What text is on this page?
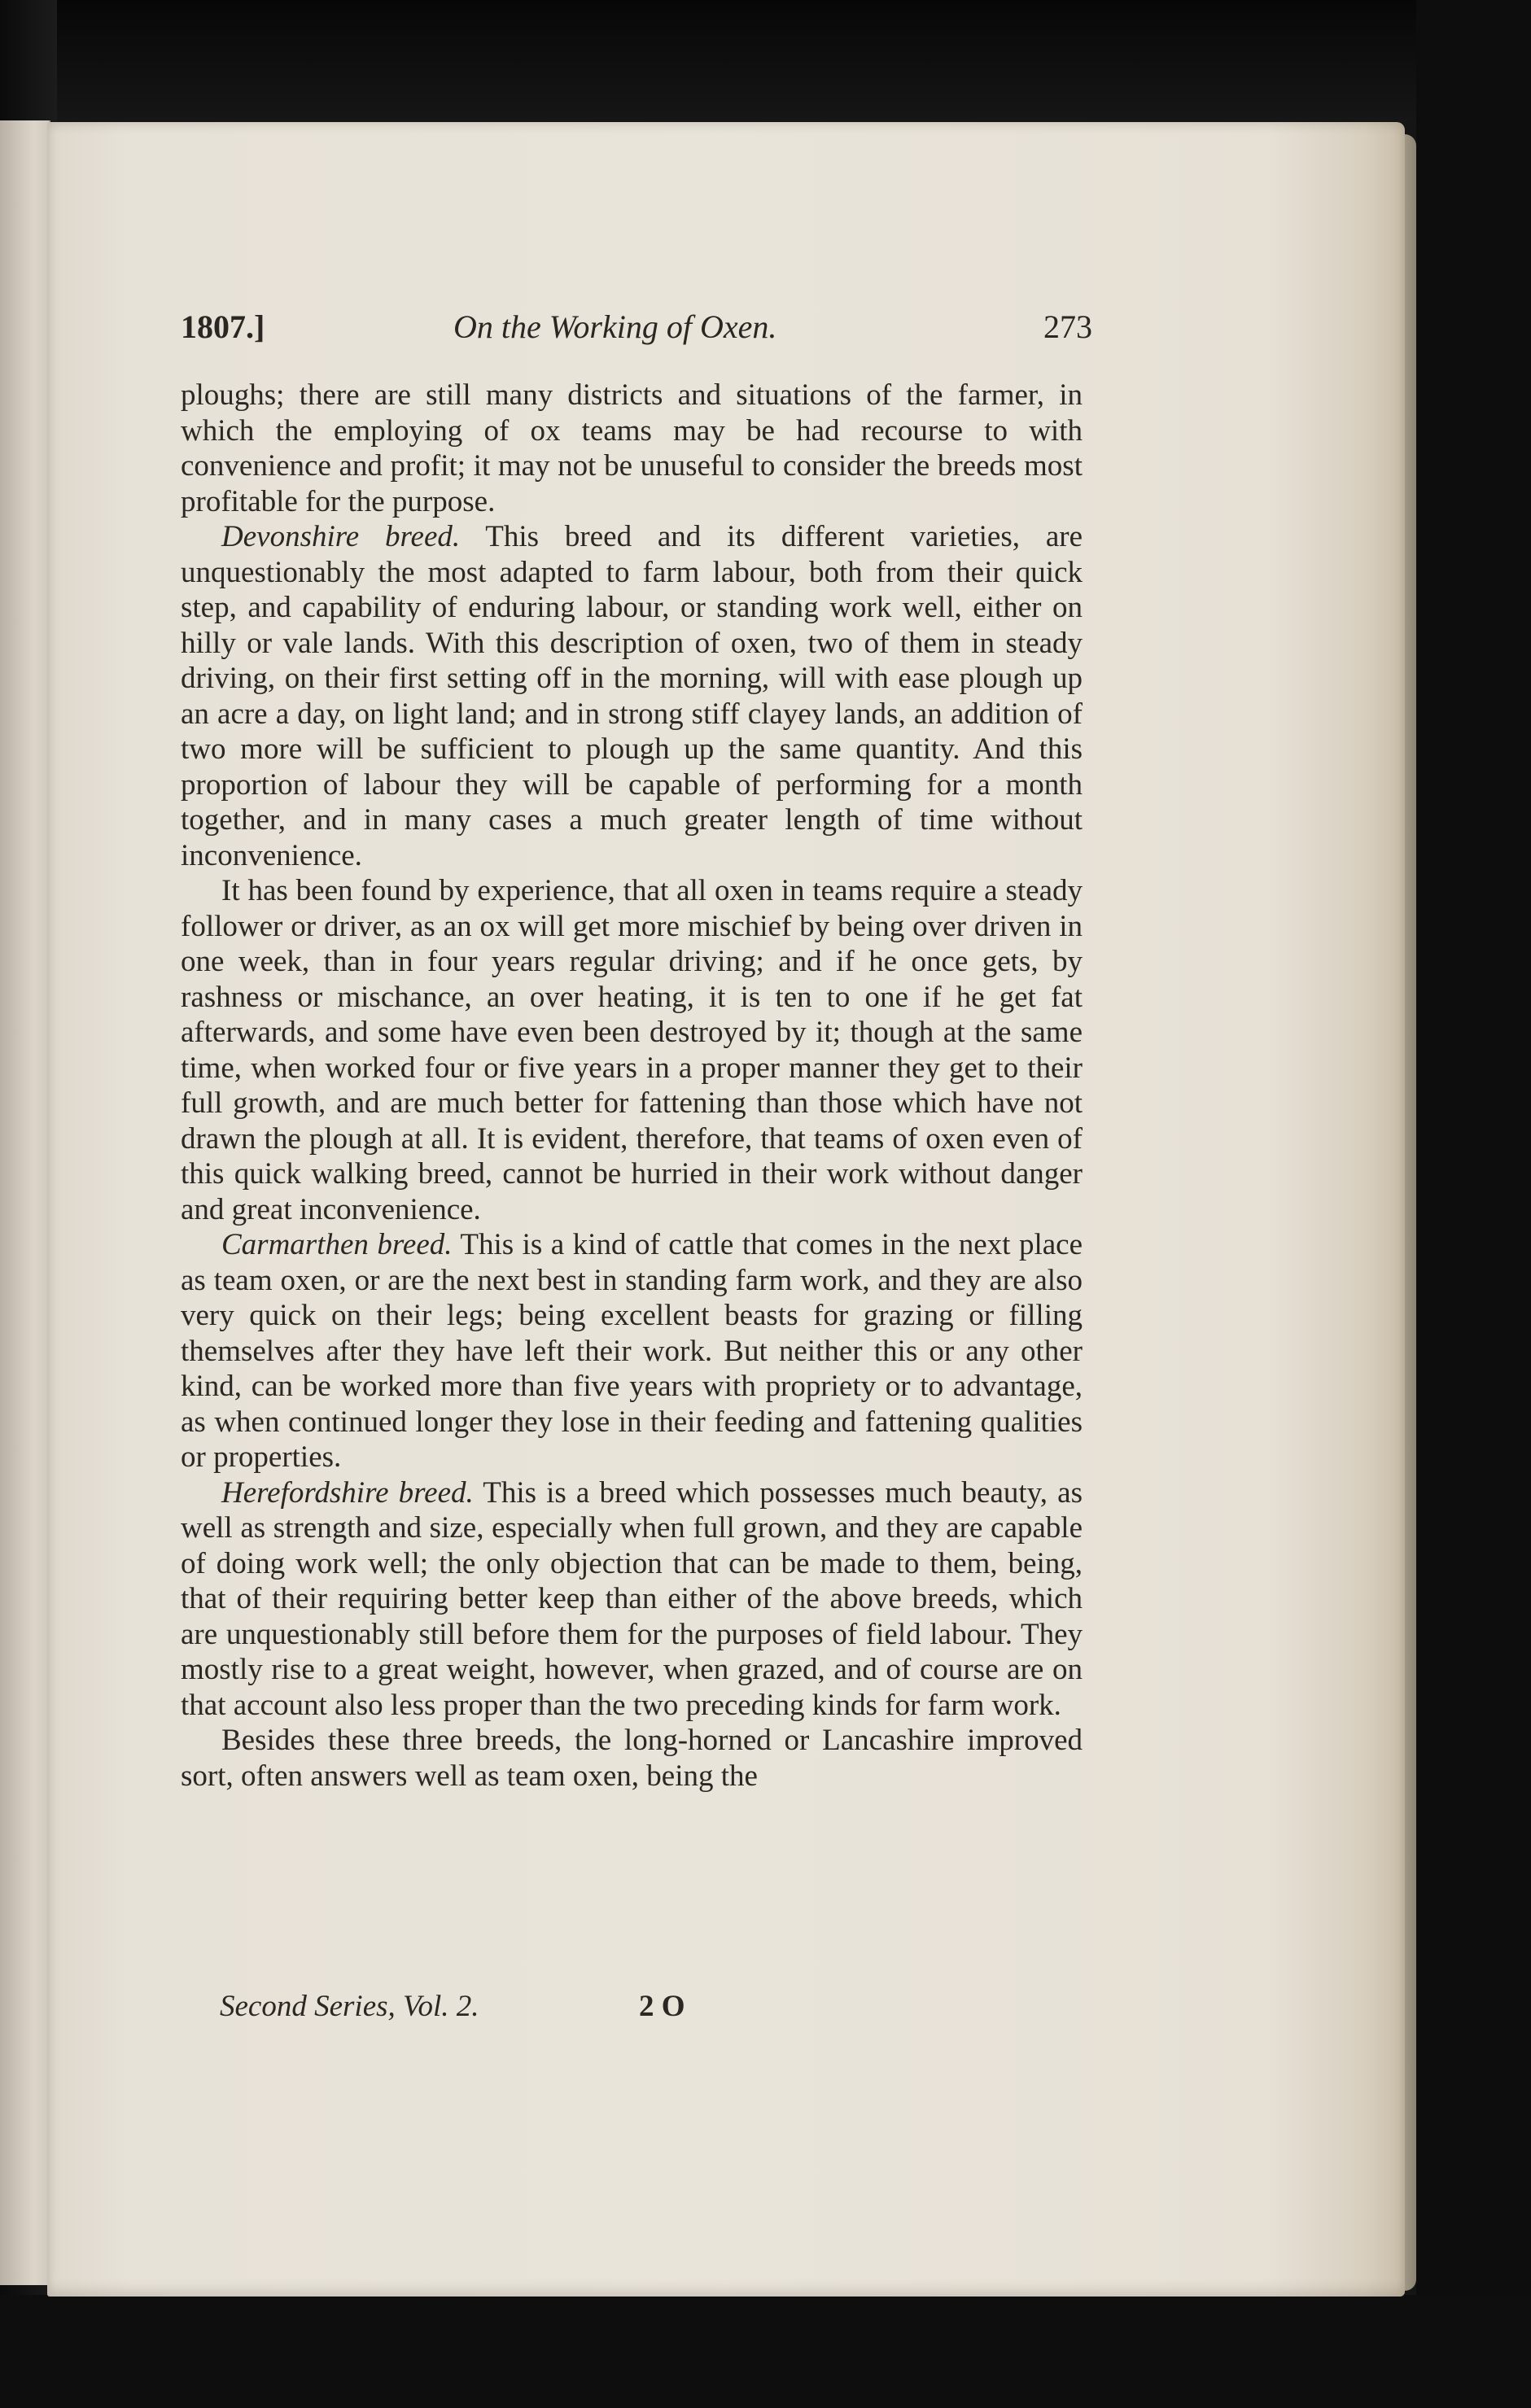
1807.]	On the Working of Oxen.	273

ploughs; there are still many districts and situations of the farmer, in which the employing of ox teams may be had recourse to with convenience and profit; it may not be unuseful to consider the breeds most profitable for the purpose.

Devonshire breed. This breed and its different varieties, are unquestionably the most adapted to farm labour, both from their quick step, and capability of enduring labour, or standing work well, either on hilly or vale lands. With this description of oxen, two of them in steady driving, on their first setting off in the morning, will with ease plough up an acre a day, on light land; and in strong stiff clayey lands, an addition of two more will be sufficient to plough up the same quantity. And this proportion of labour they will be capable of performing for a month together, and in many cases a much greater length of time without inconvenience.

It has been found by experience, that all oxen in teams require a steady follower or driver, as an ox will get more mischief by being over driven in one week, than in four years regular driving; and if he once gets, by rashness or mischance, an over heating, it is ten to one if he get fat afterwards, and some have even been destroyed by it; though at the same time, when worked four or five years in a proper manner they get to their full growth, and are much better for fattening than those which have not drawn the plough at all. It is evident, therefore, that teams of oxen even of this quick walking breed, cannot be hurried in their work without danger and great inconvenience.

Carmarthen breed. This is a kind of cattle that comes in the next place as team oxen, or are the next best in standing farm work, and they are also very quick on their legs; being excellent beasts for grazing or filling themselves after they have left their work. But neither this or any other kind, can be worked more than five years with propriety or to advantage, as when continued longer they lose in their feeding and fattening qualities or properties.

Herefordshire breed. This is a breed which possesses much beauty, as well as strength and size, especially when full grown, and they are capable of doing work well; the only objection that can be made to them, being, that of their requiring better keep than either of the above breeds, which are unquestionably still before them for the purposes of field labour. They mostly rise to a great weight, however, when grazed, and of course are on that account also less proper than the two preceding kinds for farm work.

Besides these three breeds, the long-horned or Lancashire improved sort, often answers well as team oxen, being the

Second Series, Vol. 2.	2 O
